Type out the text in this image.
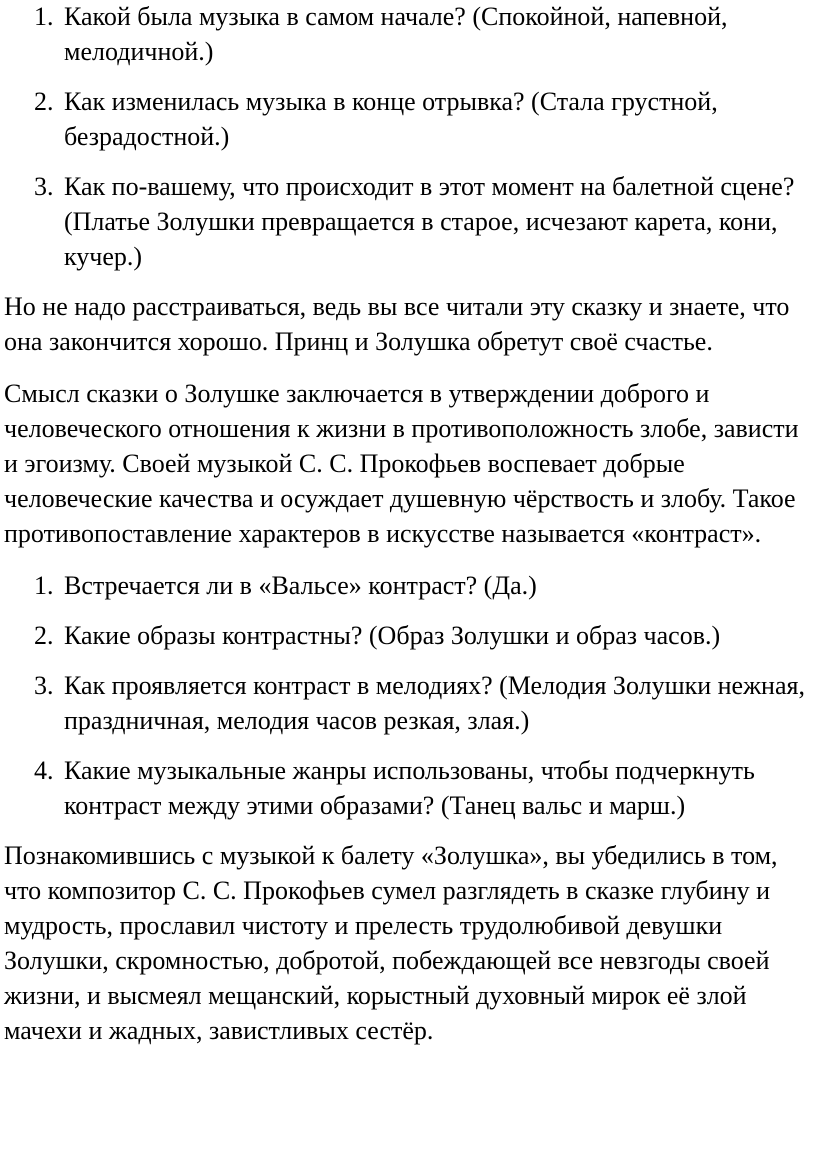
1. Какой была музыка в самом начале? (Спокойной, напевной, мелодичной.)
2. Как изменилась музыка в конце отрывка? (Стала грустной, безрадостной.)
3. Как по-вашему, что происходит в этот момент на балетной сцене? (Платье Золушки превращается в старое, исчезают карета, кони, кучер.)

Но не надо расстраиваться, ведь вы все читали эту сказку и знаете, что она закончится хорошо. Принц и Золушка обретут своё счастье.

Смысл сказки о Золушке заключается в утверждении доброго и человеческого отношения к жизни в противоположность злобе, зависти и эгоизму. Своей музыкой С. С. Прокофьев воспевает добрые человеческие качества и осуждает душевную чёрствость и злобу. Такое противопоставление характеров в искусстве называется «контраст».

1. Встречается ли в «Вальсе» контраст? (Да.)
2. Какие образы контрастны? (Образ Золушки и образ часов.)
3. Как проявляется контраст в мелодиях? (Мелодия Золушки нежная, праздничная, мелодия часов резкая, злая.)
4. Какие музыкальные жанры использованы, чтобы подчеркнуть контраст между этими образами? (Танец вальс и марш.)

Познакомившись с музыкой к балету «Золушка», вы убедились в том, что композитор С. С. Прокофьев сумел разглядеть в сказке глубину и мудрость, прославил чистоту и прелесть трудолюбивой девушки Золушки, скромностью, добротой, побеждающей все невзгоды своей жизни, и высмеял мещанский, корыстный духовный мирок её злой мачехи и жадных, завистливых сестёр.
